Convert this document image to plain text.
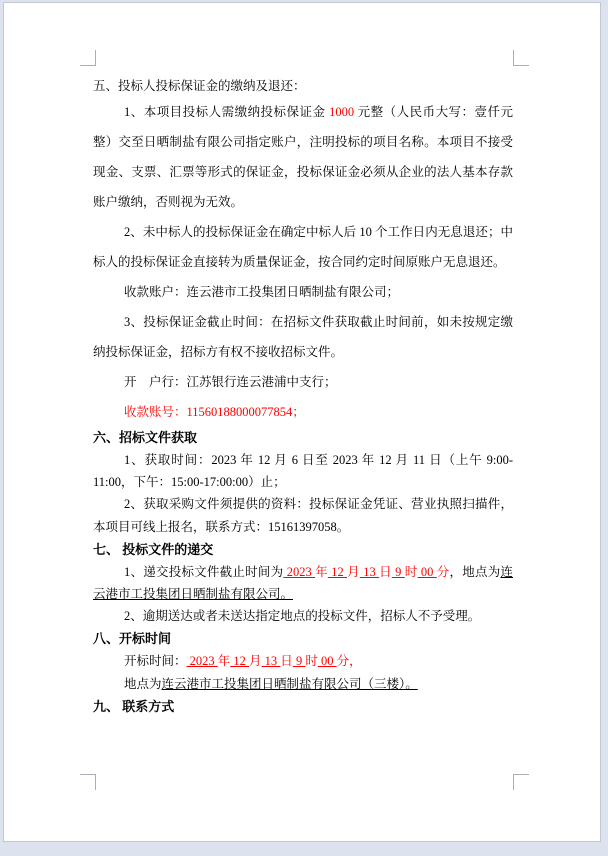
五、投标人投标保证金的缴纳及退还：

1、本项目投标人需缴纳投标保证金 1000 元整（人民币大写：壹仟元整）交至日晒制盐有限公司指定账户，注明投标的项目名称。本项目不接受现金、支票、汇票等形式的保证金，投标保证金必须从企业的法人基本存款账户缴纳，否则视为无效。

2、未中标人的投标保证金在确定中标人后 10 个工作日内无息退还；中标人的投标保证金直接转为质量保证金，按合同约定时间原账户无息退还。

收款账户：连云港市工投集团日晒制盐有限公司；

3、投标保证金截止时间：在招标文件获取截止时间前，如未按规定缴纳投标保证金，招标方有权不接收招标文件。

开　户行：江苏银行连云港浦中支行；

收款账号：11560188000077854；

六、招标文件获取

1、获取时间：2023 年 12 月 6 日至 2023 年 12 月 11 日（上午 9:00-11:00，下午：15:00-17:00:00）止；

2、获取采购文件须提供的资料：投标保证金凭证、营业执照扫描件，本项目可线上报名，联系方式：15161397058。

七、 投标文件的递交

1、递交投标文件截止时间为 2023 年 12 月 13 日 9 时 00 分，地点为连云港市工投集团日晒制盐有限公司。

2、逾期送达或者未送达指定地点的投标文件，招标人不予受理。

八、开标时间

开标时间： 2023 年 12 月 13 日 9 时 00 分，

地点为连云港市工投集团日晒制盐有限公司（三楼）。

九、 联系方式
